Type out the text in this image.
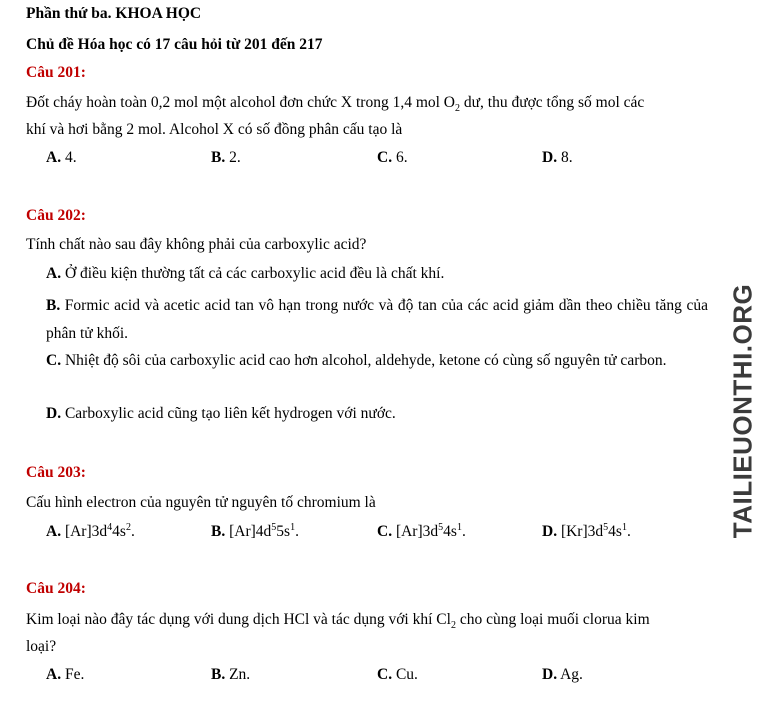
Phần thứ ba. KHOA HỌC
Chủ đề Hóa học có 17 câu hỏi từ 201 đến 217
Câu 201:
Đốt cháy hoàn toàn 0,2 mol một alcohol đơn chức X trong 1,4 mol $O_2$ dư, thu được tổng số mol các
khí và hơi bằng 2 mol. Alcohol X có số đồng phân cấu tạo là
A. 4.	B. 2.	C. 6.	D. 8.
Câu 202:
Tính chất nào sau đây không phải của carboxylic acid?
A. Ở điều kiện thường tất cả các carboxylic acid đều là chất khí.
B. Formic acid và acetic acid tan vô hạn trong nước và độ tan của các acid giảm dần theo chiều tăng của phân tử khối.
C. Nhiệt độ sôi của carboxylic acid cao hơn alcohol, aldehyde, ketone có cùng số nguyên tử carbon.
D. Carboxylic acid cũng tạo liên kết hydrogen với nước.
Câu 203:
Cấu hình electron của nguyên tử nguyên tố chromium là
A. $[Ar]3d^44s^2$.	B. $[Ar]4d^55s^1$.	C. $[Ar]3d^54s^1$.	D. $[Kr]3d^54s^1$.
Câu 204:
Kim loại nào đây tác dụng với dung dịch HCl và tác dụng với khí $Cl_2$ cho cùng loại muối clorua kim
loại?
A. Fe.	B. Zn.	C. Cu.	D. Ag.
TAILIEUONTHI.ORG
